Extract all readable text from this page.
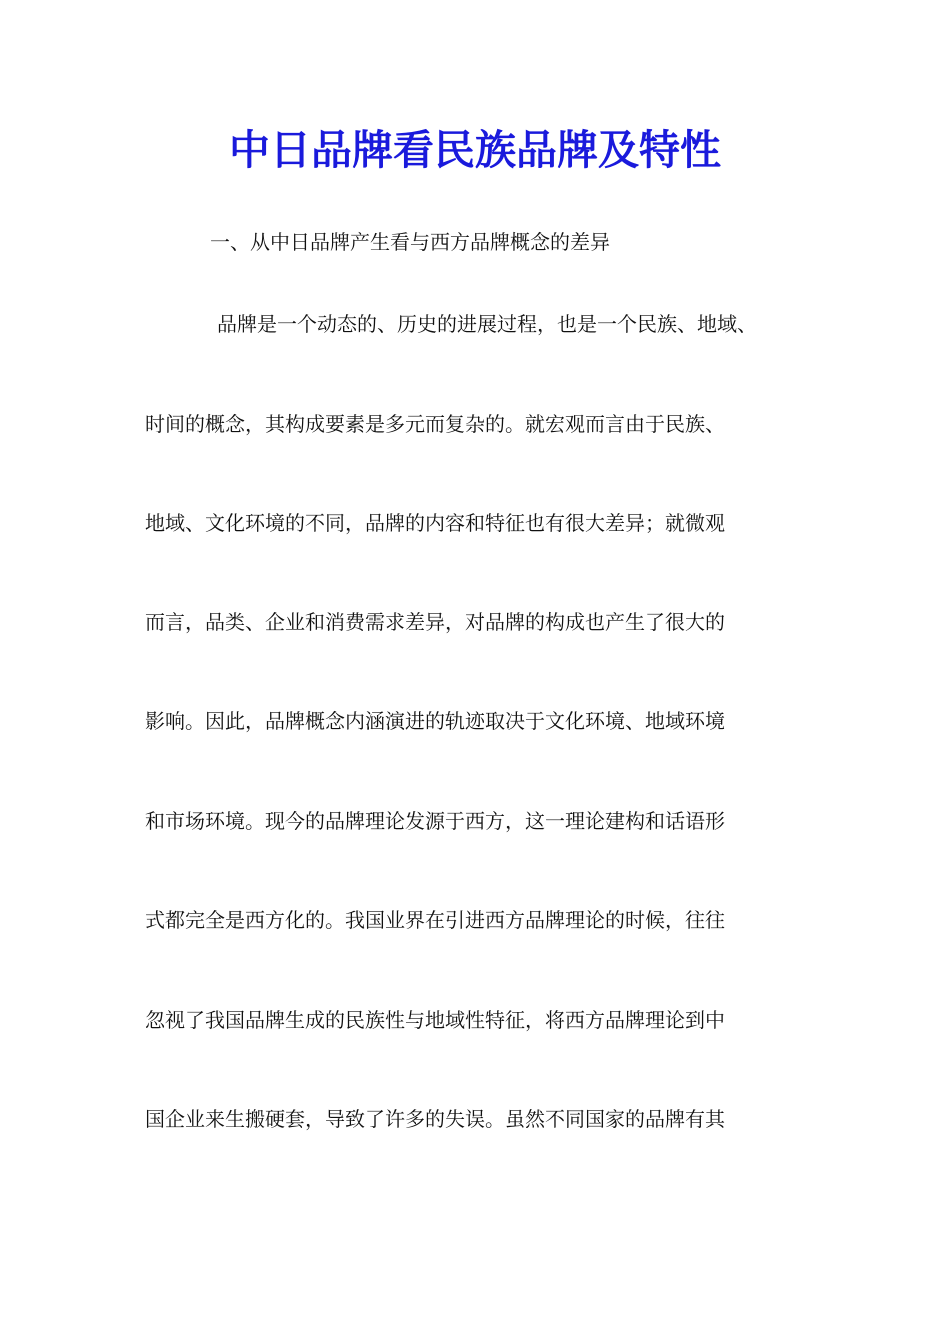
中日品牌看民族品牌及特性
一、从中日品牌产生看与西方品牌概念的差异
品牌是一个动态的、历史的进展过程，也是一个民族、地域、
时间的概念，其构成要素是多元而复杂的。就宏观而言由于民族、
地域、文化环境的不同，品牌的内容和特征也有很大差异；就微观
而言，品类、企业和消费需求差异，对品牌的构成也产生了很大的
影响。因此，品牌概念内涵演进的轨迹取决于文化环境、地域环境
和市场环境。现今的品牌理论发源于西方，这一理论建构和话语形
式都完全是西方化的。我国业界在引进西方品牌理论的时候，往往
忽视了我国品牌生成的民族性与地域性特征，将西方品牌理论到中
国企业来生搬硬套，导致了许多的失误。虽然不同国家的品牌有其
